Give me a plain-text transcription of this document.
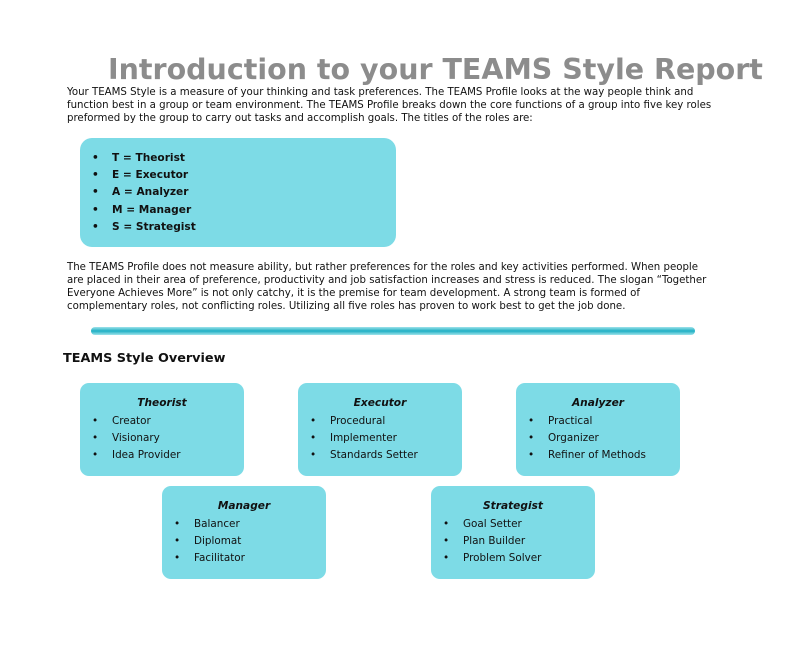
Introduction to your TEAMS Style Report

Your TEAMS Style is a measure of your thinking and task preferences. The TEAMS Profile looks at the way people think and function best in a group or team environment. The TEAMS Profile breaks down the core functions of a group into five key roles preformed by the group to carry out tasks and accomplish goals. The titles of the roles are:

• T = Theorist
• E = Executor
• A = Analyzer
• M = Manager
• S = Strategist

The TEAMS Profile does not measure ability, but rather preferences for the roles and key activities performed. When people are placed in their area of preference, productivity and job satisfaction increases and stress is reduced. The slogan “Together Everyone Achieves More” is not only catchy, it is the premise for team development. A strong team is formed of complementary roles, not conflicting roles. Utilizing all five roles has proven to work best to get the job done.

TEAMS Style Overview
Theorist
• Creator
• Visionary
• Idea Provider
Executor
• Procedural
• Implementer
• Standards Setter
Analyzer
• Practical
• Organizer
• Refiner of Methods
Manager
• Balancer
• Diplomat
• Facilitator
Strategist
• Goal Setter
• Plan Builder
• Problem Solver
